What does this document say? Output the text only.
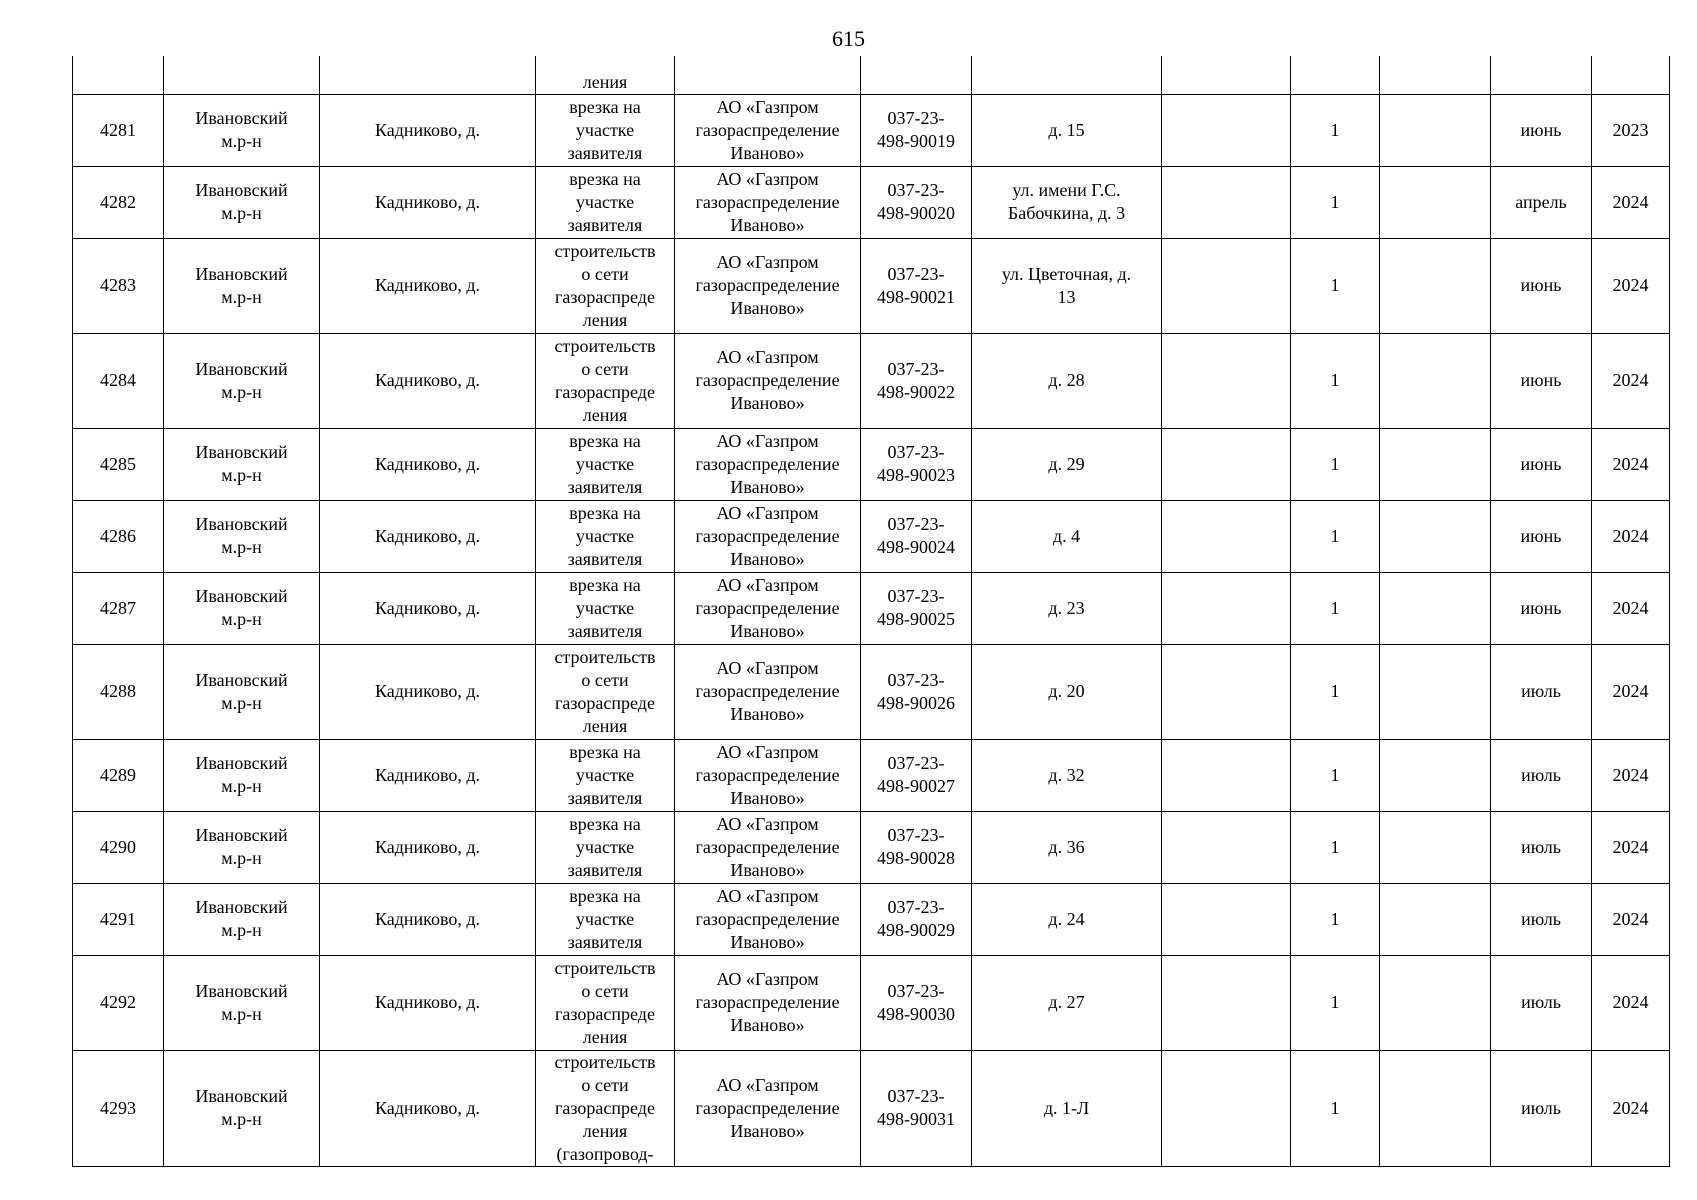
615

			ления								

4281	Ивановский
м.р-н	Кадниково, д.	врезка на
участке
заявителя	АО «Газпром
газораспределение
Иваново»	037-23-
498-90019	д. 15		1		июнь	2023

4282	Ивановский
м.р-н	Кадниково, д.	врезка на
участке
заявителя	АО «Газпром
газораспределение
Иваново»	037-23-
498-90020	ул. имени Г.С.
Бабочкина, д. 3		1		апрель	2024

4283	Ивановский
м.р-н	Кадниково, д.	строительств
о сети
газораспреде
ления	АО «Газпром
газораспределение
Иваново»	037-23-
498-90021	ул. Цветочная, д.
13		1		июнь	2024

4284	Ивановский
м.р-н	Кадниково, д.	строительств
о сети
газораспреде
ления	АО «Газпром
газораспределение
Иваново»	037-23-
498-90022	д. 28		1		июнь	2024

4285	Ивановский
м.р-н	Кадниково, д.	врезка на
участке
заявителя	АО «Газпром
газораспределение
Иваново»	037-23-
498-90023	д. 29		1		июнь	2024

4286	Ивановский
м.р-н	Кадниково, д.	врезка на
участке
заявителя	АО «Газпром
газораспределение
Иваново»	037-23-
498-90024	д. 4		1		июнь	2024

4287	Ивановский
м.р-н	Кадниково, д.	врезка на
участке
заявителя	АО «Газпром
газораспределение
Иваново»	037-23-
498-90025	д. 23		1		июнь	2024

4288	Ивановский
м.р-н	Кадниково, д.	строительств
о сети
газораспреде
ления	АО «Газпром
газораспределение
Иваново»	037-23-
498-90026	д. 20		1		июль	2024

4289	Ивановский
м.р-н	Кадниково, д.	врезка на
участке
заявителя	АО «Газпром
газораспределение
Иваново»	037-23-
498-90027	д. 32		1		июль	2024

4290	Ивановский
м.р-н	Кадниково, д.	врезка на
участке
заявителя	АО «Газпром
газораспределение
Иваново»	037-23-
498-90028	д. 36		1		июль	2024

4291	Ивановский
м.р-н	Кадниково, д.	врезка на
участке
заявителя	АО «Газпром
газораспределение
Иваново»	037-23-
498-90029	д. 24		1		июль	2024

4292	Ивановский
м.р-н	Кадниково, д.	строительств
о сети
газораспреде
ления	АО «Газпром
газораспределение
Иваново»	037-23-
498-90030	д. 27		1		июль	2024

4293	Ивановский
м.р-н	Кадниково, д.	строительств
о сети
газораспреде
ления
(газопровод-	АО «Газпром
газораспределение
Иваново»	037-23-
498-90031	д. 1-Л		1		июль	2024
